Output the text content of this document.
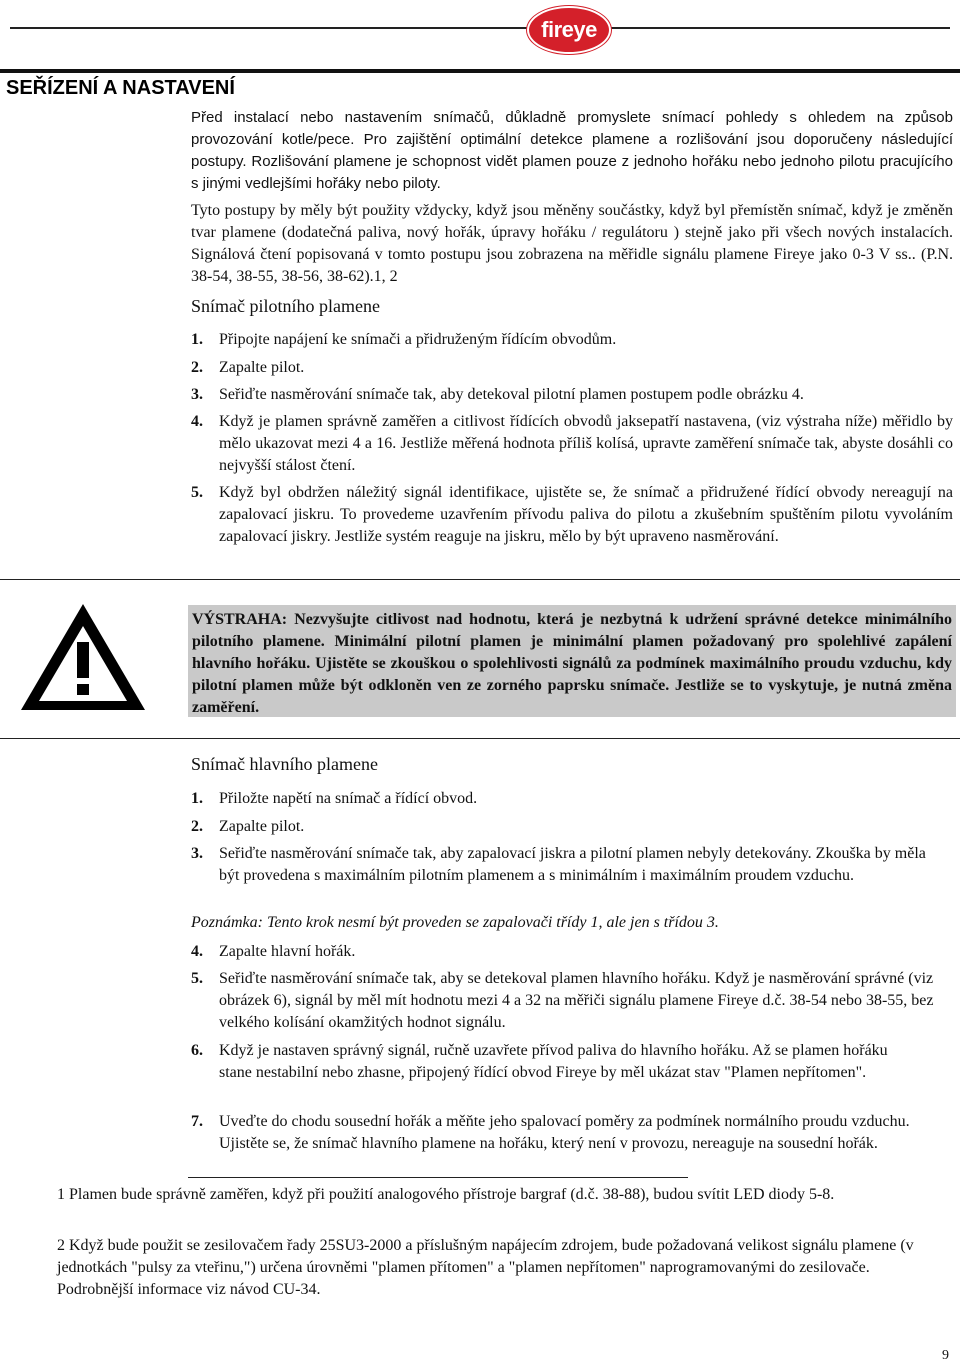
fireye
SEŘÍZENÍ A NASTAVENÍ

Před instalací nebo nastavením snímačů, důkladně promyslete snímací pohledy s ohledem na způsob provozování kotle/pece. Pro zajištění optimální detekce plamene a rozlišování jsou doporučeny následující postupy. Rozlišování plamene je schopnost vidět plamen pouze z jednoho hořáku nebo jednoho pilotu pracujícího s jinými vedlejšími hořáky nebo piloty.

Tyto postupy by měly být použity vždycky, když jsou měněny součástky, když byl přemístěn snímač, když je změněn tvar plamene (dodatečná paliva, nový hořák, úpravy hořáku / regulátoru ) stejně jako při všech nových instalacích. Signálová čtení popisovaná v tomto postupu jsou zobrazena na měřidle signálu plamene Fireye jako 0-3 V ss.. (P.N. 38-54, 38-55, 38-56, 38-62).1, 2

Snímač pilotního plamene
1.	Připojte napájení ke snímači a přidruženým řídícím obvodům.
2.	Zapalte pilot.
3.	Seřiďte nasměrování snímače tak, aby detekoval pilotní plamen postupem podle obrázku 4.
4.	Když je plamen správně zaměřen a citlivost řídících obvodů jaksepatří nastavena, (viz výstraha níže) měřidlo by mělo ukazovat mezi 4 a 16. Jestliže měřená hodnota příliš kolísá, upravte zaměření snímače tak, abyste dosáhli co nejvyšší stálost čtení.
5.	Když byl obdržen náležitý signál identifikace, ujistěte se, že snímač a přidružené řídící obvody nereagují na zapalovací jiskru. To provedeme uzavřením přívodu paliva do pilotu a zkušebním spuštěním pilotu vyvoláním zapalovací jiskry. Jestliže systém reaguje na jiskru, mělo by být upraveno nasměrování.

VÝSTRAHA: Nezvyšujte citlivost nad hodnotu, která je nezbytná k udržení správné detekce minimálního pilotního plamene. Minimální pilotní plamen je minimální plamen požadovaný pro spolehlivé zapálení hlavního hořáku. Ujistěte se zkouškou o spolehlivosti signálů za podmínek maximálního proudu vzduchu, kdy pilotní plamen může být odkloněn ven ze zorného paprsku snímače. Jestliže se to vyskytuje, je nutná změna zaměření.

Snímač hlavního plamene
1.	Přiložte napětí na snímač a řídící obvod.
2.	Zapalte pilot.
3.	Seřiďte nasměrování snímače tak, aby zapalovací jiskra a pilotní plamen nebyly detekovány. Zkouška by měla být provedena s maximálním pilotním plamenem a s minimálním i maximálním proudem vzduchu.
Poznámka: Tento krok nesmí být proveden se zapalovači třídy 1, ale jen s třídou 3.
4.	Zapalte hlavní hořák.
5.	Seřiďte nasměrování snímače tak, aby se detekoval plamen hlavního hořáku. Když je nasměrování správné (viz obrázek 6), signál by měl mít hodnotu mezi 4 a 32 na měřiči signálu plamene Fireye d.č. 38-54 nebo 38-55, bez velkého kolísání okamžitých hodnot signálu.
6.	Když je nastaven správný signál, ručně uzavřete přívod paliva do hlavního hořáku. Až se plamen hořáku stane nestabilní nebo zhasne, připojený řídící obvod Fireye by měl ukázat stav "Plamen nepřítomen".
7.	Uveďte do chodu sousední hořák a měňte jeho spalovací poměry za podmínek normálního proudu vzduchu. Ujistěte se, že snímač hlavního plamene na hořáku, který není v provozu, nereaguje na sousední hořák.

1 Plamen bude správně zaměřen, když při použití analogového přístroje bargraf (d.č. 38-88), budou svítit LED diody 5-8.

2 Když bude použit se zesilovačem řady 25SU3-2000 a příslušným napájecím zdrojem, bude požadovaná velikost signálu plamene (v jednotkách "pulsy za vteřinu,") určena úrovněmi "plamen přítomen" a "plamen nepřítomen" naprogramovanými do zesilovače. Podrobnější informace viz návod CU-34.

9
